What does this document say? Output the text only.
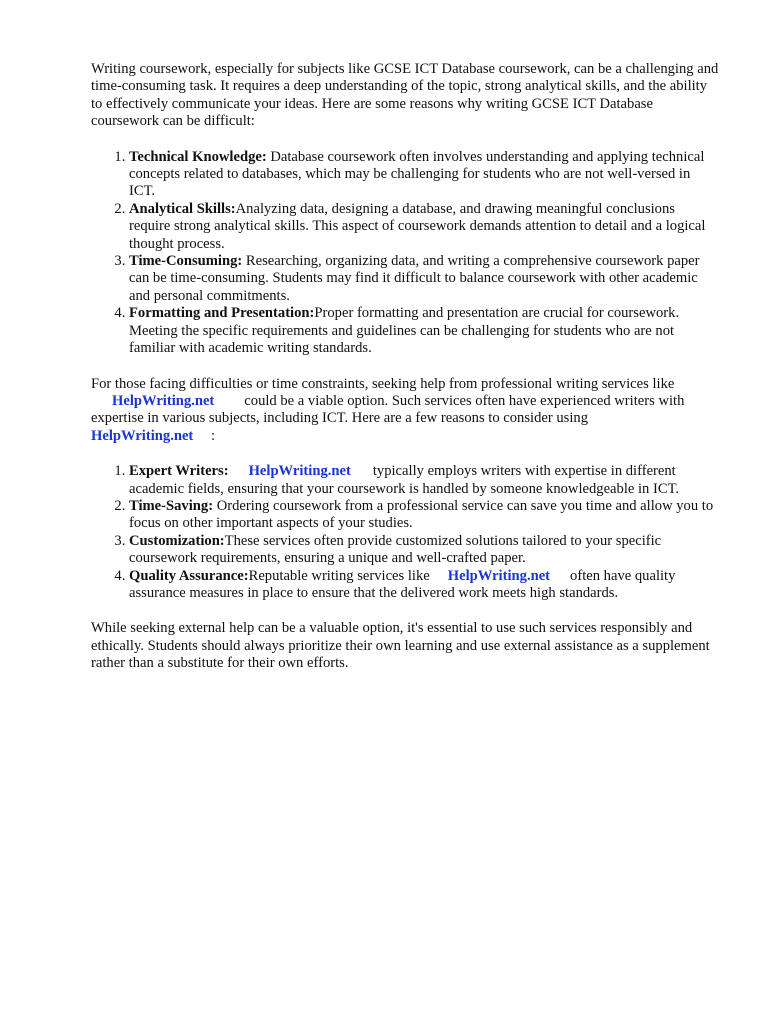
Writing coursework, especially for subjects like GCSE ICT Database coursework, can be a challenging and time-consuming task. It requires a deep understanding of the topic, strong analytical skills, and the ability to effectively communicate your ideas. Here are some reasons why writing GCSE ICT Database coursework can be difficult:

1. Technical Knowledge: Database coursework often involves understanding and applying technical concepts related to databases, which may be challenging for students who are not well-versed in ICT.
2. Analytical Skills:Analyzing data, designing a database, and drawing meaningful conclusions require strong analytical skills. This aspect of coursework demands attention to detail and a logical thought process.
3. Time-Consuming: Researching, organizing data, and writing a comprehensive coursework paper can be time-consuming. Students may find it difficult to balance coursework with other academic and personal commitments.
4. Formatting and Presentation:Proper formatting and presentation are crucial for coursework. Meeting the specific requirements and guidelines can be challenging for students who are not familiar with academic writing standards.

For those facing difficulties or time constraints, seeking help from professional writing services like
HelpWriting.net could be a viable option. Such services often have experienced writers with expertise in various subjects, including ICT. Here are a few reasons to consider using
HelpWriting.net :

1. Expert Writers: HelpWriting.net typically employs writers with expertise in different academic fields, ensuring that your coursework is handled by someone knowledgeable in ICT.
2. Time-Saving: Ordering coursework from a professional service can save you time and allow you to focus on other important aspects of your studies.
3. Customization:These services often provide customized solutions tailored to your specific coursework requirements, ensuring a unique and well-crafted paper.
4. Quality Assurance:Reputable writing services like HelpWriting.net often have quality assurance measures in place to ensure that the delivered work meets high standards.

While seeking external help can be a valuable option, it's essential to use such services responsibly and ethically. Students should always prioritize their own learning and use external assistance as a supplement rather than a substitute for their own efforts.
